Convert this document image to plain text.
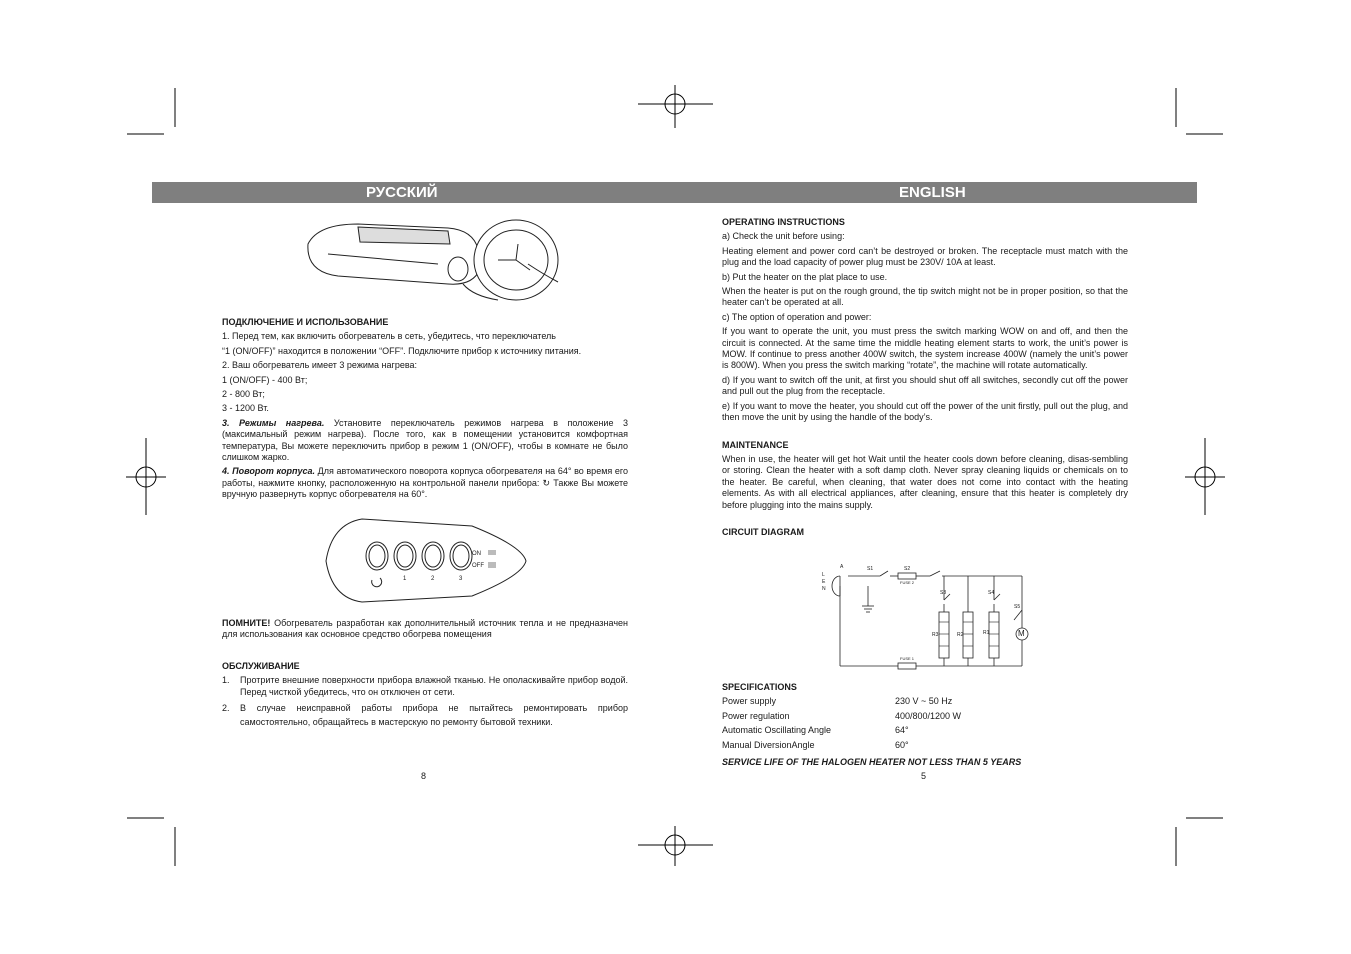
РУССКИЙ	ENGLISH

ПОДКЛЮЧЕНИЕ И ИСПОЛЬЗОВАНИЕ

1. Перед тем, как включить обогреватель в сеть, убедитесь, что переключатель

“1 (ON/OFF)” находится в положении “OFF”. Подключите прибор к источнику питания.

2. Ваш обогреватель имеет 3 режима нагрева:

1 (ON/OFF) - 400 Вт;

2 - 800 Вт;

3 - 1200 Вт.

3. Режимы нагрева. Установите переключатель режимов нагрева в положение 3 (максимальный режим нагрева). После того, как в помещении установится комфортная температура, Вы можете переключить прибор в режим 1 (ON/OFF), чтобы в комнате не было слишком жарко.

4. Поворот корпуса. Для автоматического поворота корпуса обогревателя на 64° во время его работы, нажмите кнопку, расположенную на контрольной панели прибора: ↻ Также Вы можете вручную развернуть корпус обогревателя на 60°.

ON
OFF
1	2	3

ПОМНИТЕ! Обогреватель разработан как дополнительный источник тепла и не предназначен для использования как основное средство обогрева помещения

ОБСЛУЖИВАНИЕ

1.	Протрите внешние поверхности прибора влажной тканью. Не ополаскивайте прибор водой. Перед чисткой убедитесь, что он отключен от сети.
2.	В случае неисправной работы прибора не пытайтесь ремонтировать прибор самостоятельно, обращайтесь в мастерскую по ремонту бытовой техники.
8

OPERATING INSTRUCTIONS

a) Check the unit before using:

Heating element and power cord can’t be destroyed or broken. The receptacle must match with the plug and the load capacity of power plug must be 230V/ 10A at least.

b) Put the heater on the plat place to use.

When the heater is put on the rough ground, the tip switch might not be in proper position, so that the heater can’t be operated at all.

c) The option of operation and power:

If you want to operate the unit, you must press the switch marking WOW on and off, and then the circuit is connected. At the same time the middle heating element starts to work, the unit’s power is MOW. If continue to press another 400W switch, the system increase 400W (namely the unit’s power is 800W). When you press the switch marking “rotate”, the machine will rotate automatically.

d) If you want to switch off the unit, at first you should shut off all switches, secondly cut off the power and pull out the plug from the receptacle.

e) If you want to move the heater, you should cut off the power of the unit firstly, pull out the plug, and then move the unit by using the handle of the body’s.

MAINTENANCE

When in use, the heater will get hot Wait until the heater cools down before cleaning, disas-sembling or storing. Clean the heater with a soft damp cloth. Never spray cleaning liquids or chemicals on to the heater. Be careful, when cleaning, that water does not come into contact with the heating elements. As with all electrical appliances, after cleaning, ensure that this heater is completely dry before plugging into the mains supply.

CIRCUIT DIAGRAM

A
L
E
N
S1	S2
S3	S4
S5
FUSE 2
FUSE 1
R3	R2	R1	M

SPECIFICATIONS

Power supply	230 V ~ 50 Hz
Power regulation	400/800/1200 W
Automatic Oscillating Angle	64°
Manual DiversionAngle	60°

SERVICE LIFE OF THE HALOGEN HEATER NOT LESS THAN 5 YEARS

5
